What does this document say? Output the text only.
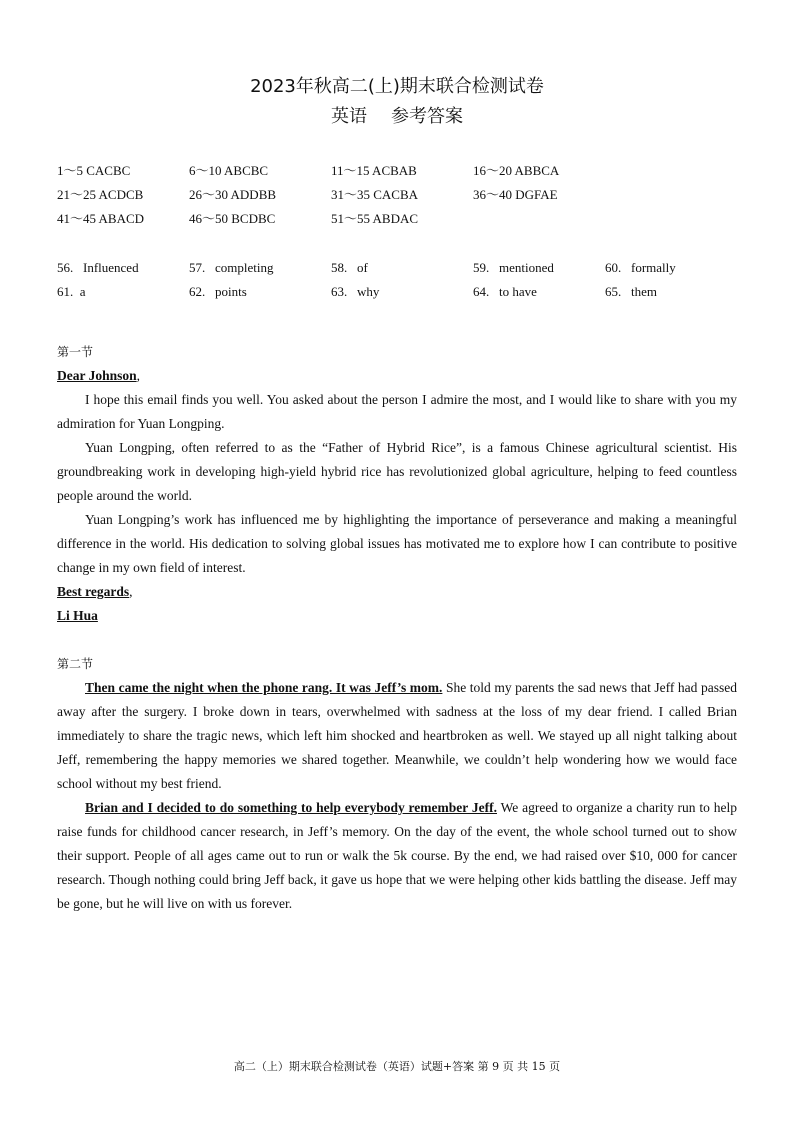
2023年秋高二(上)期末联合检测试卷
英语 参考答案
1～5 CACBC	6～10 ABCBC	11～15 ACBAB	16～20 ABBCA
21～25 ACDCB	26～30 ADDBB	31～35 CACBA	36～40 DGFAE
41～45 ABACD	46～50 BCDBC	51～55 ABDAC
56.   Influenced	57.   completing	58.   of	59.   mentioned	60.   formally
61.  a	62.   points	63.   why	64.   to have	65.   them
第一节
Dear Johnson,

I hope this email finds you well. You asked about the person I admire the most, and I would like to share with you my admiration for Yuan Longping.

Yuan Longping, often referred to as the “Father of Hybrid Rice”, is a famous Chinese agricultural scientist. His groundbreaking work in developing high-yield hybrid rice has revolutionized global agriculture, helping to feed countless people around the world.

Yuan Longping’s work has influenced me by highlighting the importance of perseverance and making a meaningful difference in the world. His dedication to solving global issues has motivated me to explore how I can contribute to positive change in my own field of interest.

Best regards,
Li Hua
第二节

Then came the night when the phone rang. It was Jeff’s mom. She told my parents the sad news that Jeff had passed away after the surgery. I broke down in tears, overwhelmed with sadness at the loss of my dear friend. I called Brian immediately to share the tragic news, which left him shocked and heartbroken as well. We stayed up all night talking about Jeff, remembering the happy memories we shared together. Meanwhile, we couldn’t help wondering how we would face school without my best friend.

Brian and I decided to do something to help everybody remember Jeff. We agreed to organize a charity run to help raise funds for childhood cancer research, in Jeff’s memory. On the day of the event, the whole school turned out to show their support. People of all ages came out to run or walk the 5k course. By the end, we had raised over $10, 000 for cancer research. Though nothing could bring Jeff back, it gave us hope that we were helping other kids battling the disease. Jeff may be gone, but he will live on with us forever.

高二（上）期末联合检测试卷（英语）试题+答案 第 9 页 共 15 页
